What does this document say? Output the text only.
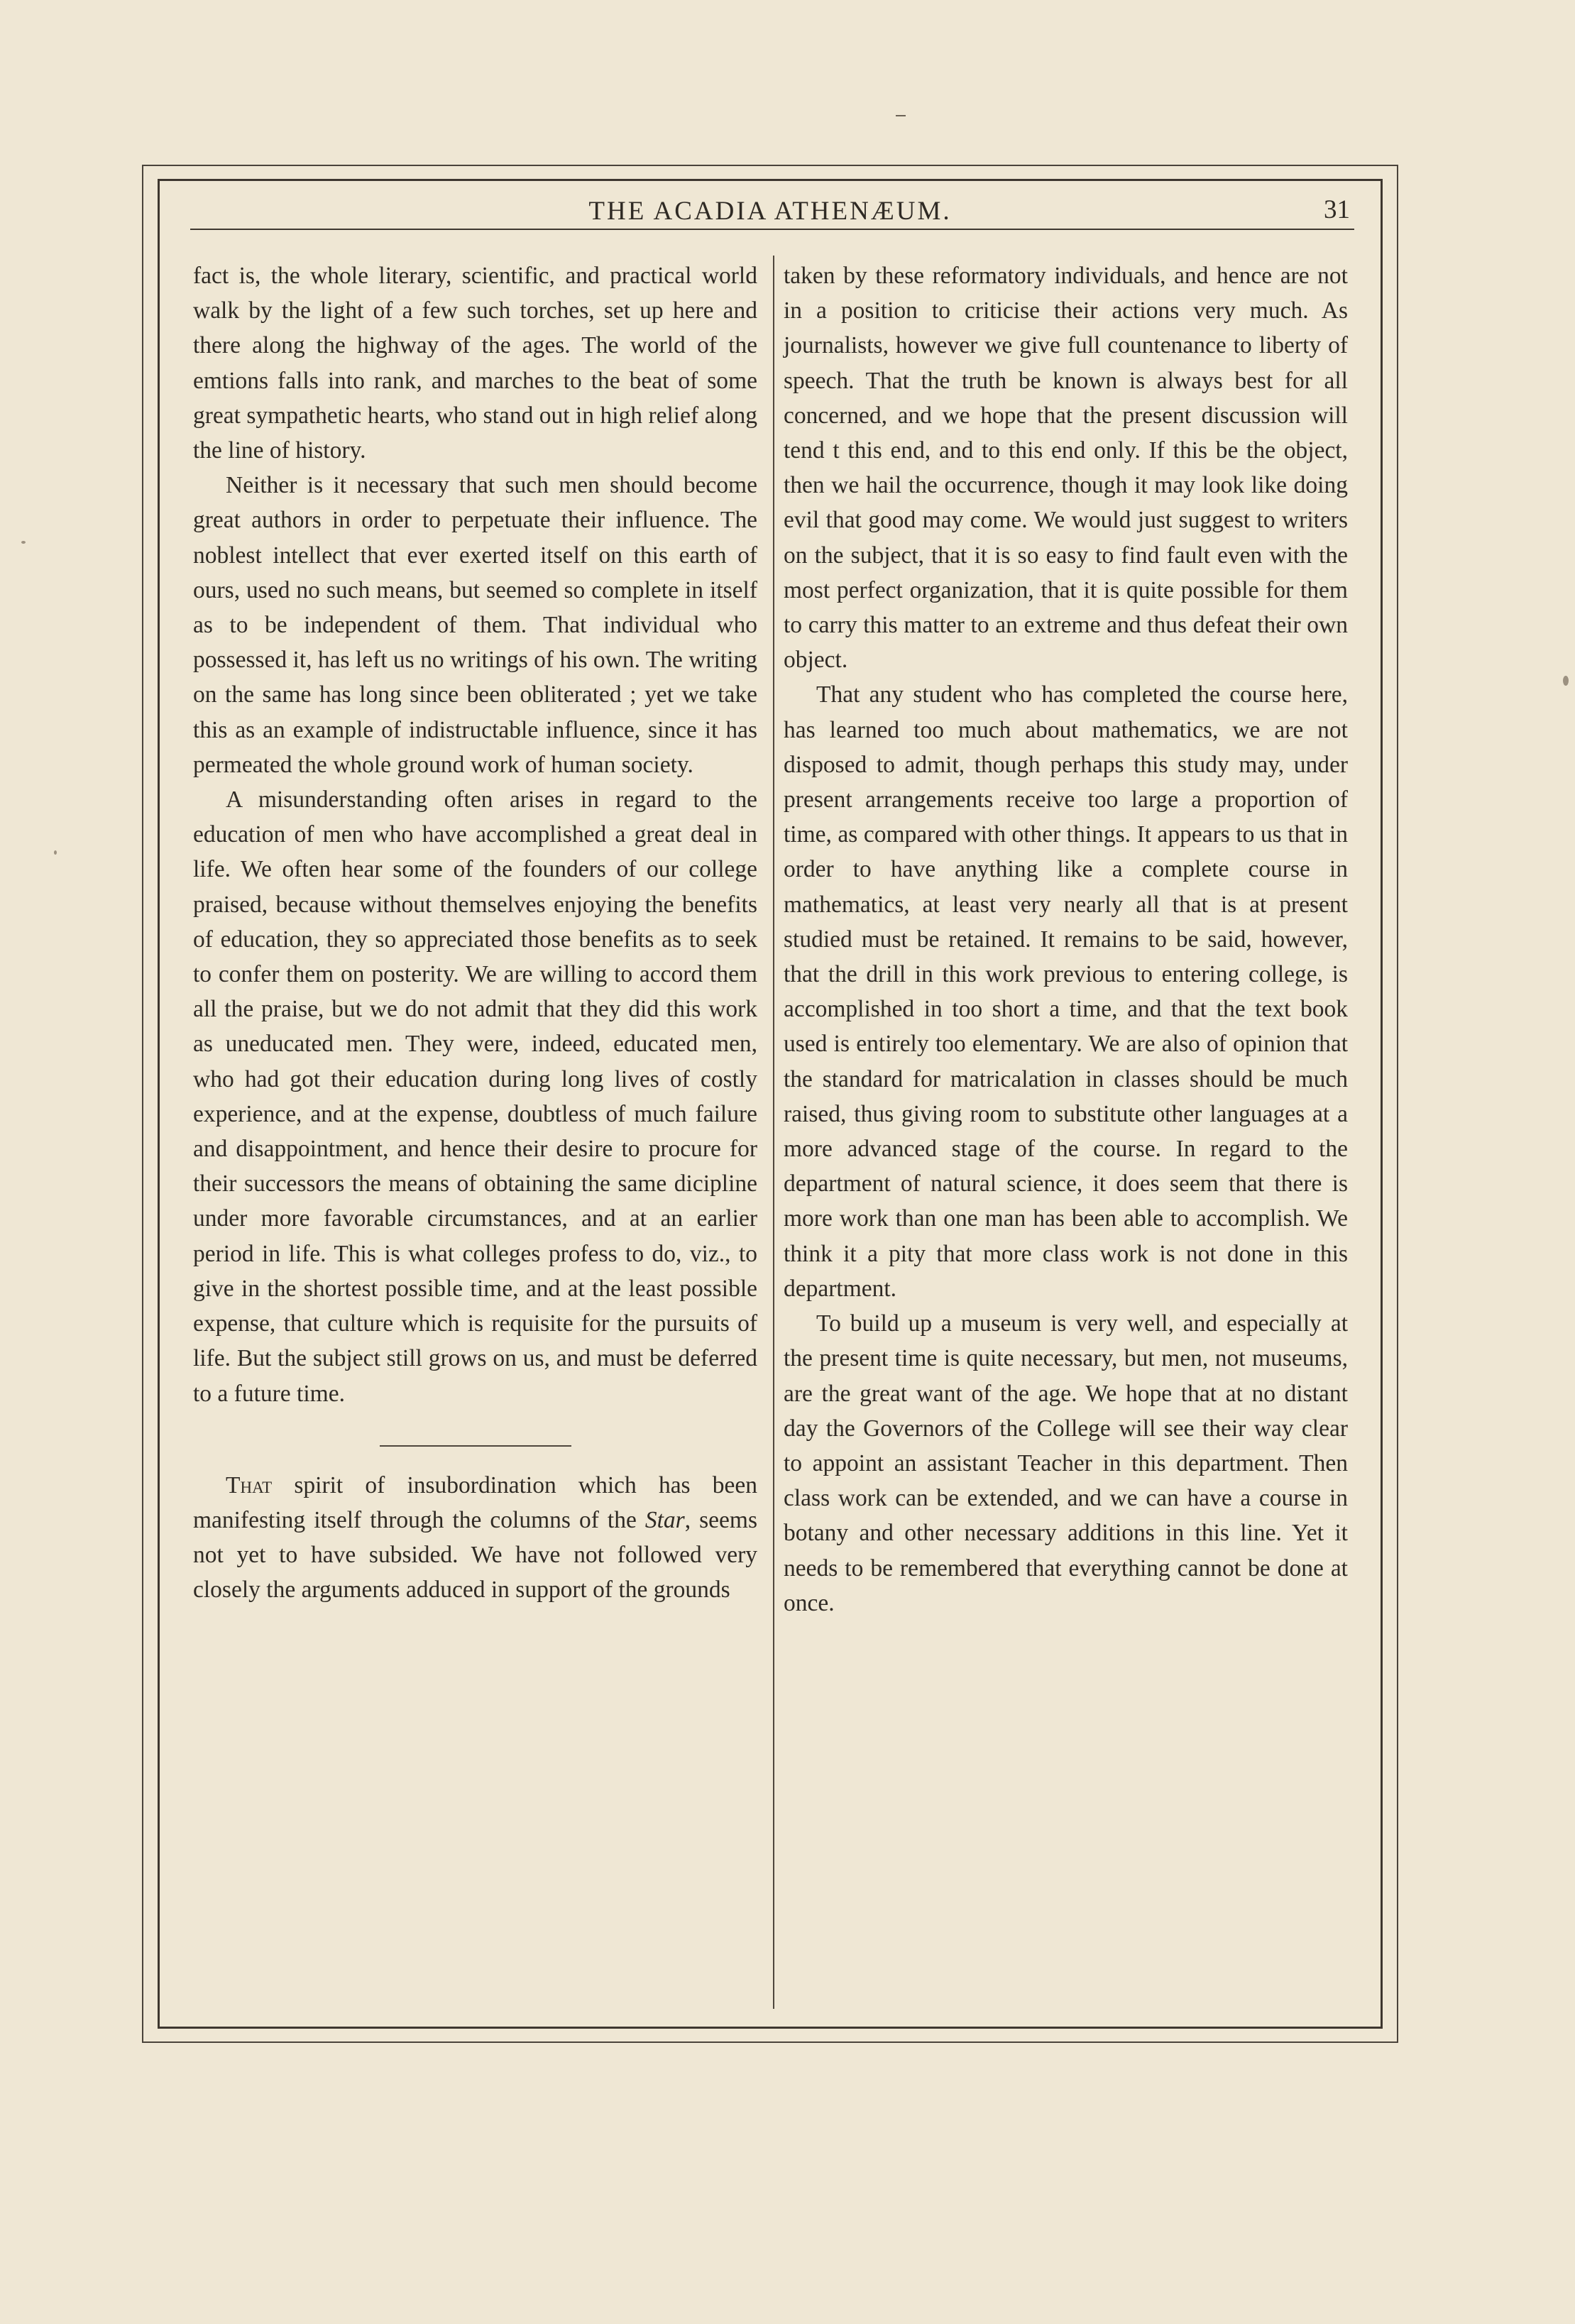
THE ACADIA ATHENÆUM.	31

fact is, the whole literary, scientific, and practical world walk by the light of a few such torches, set up here and there along the highway of the ages. The world of the emtions falls into rank, and marches to the beat of some great sympathetic hearts, who stand out in high relief along the line of history.

Neither is it necessary that such men should become great authors in order to perpetuate their influence. The noblest intellect that ever exerted itself on this earth of ours, used no such means, but seemed so complete in itself as to be independent of them. That individual who possessed it, has left us no writings of his own. The writing on the same has long since been obliterated ; yet we take this as an example of indistructable influence, since it has permeated the whole ground work of human society.

A misunderstanding often arises in regard to the education of men who have accomplished a great deal in life. We often hear some of the founders of our college praised, because without themselves enjoying the benefits of education, they so appreciated those benefits as to seek to confer them on posterity. We are willing to accord them all the praise, but we do not admit that they did this work as uneducated men. They were, indeed, educated men, who had got their education during long lives of costly experience, and at the expense, doubtless of much failure and disappointment, and hence their desire to procure for their successors the means of obtaining the same dicipline under more favorable circumstances, and at an earlier period in life. This is what colleges profess to do, viz., to give in the shortest possible time, and at the least possible expense, that culture which is requisite for the pursuits of life. But the subject still grows on us, and must be deferred to a future time.

That spirit of insubordination which has been manifesting itself through the columns of the Star, seems not yet to have subsided. We have not followed very closely the arguments adduced in support of the grounds

taken by these reformatory individuals, and hence are not in a position to criticise their actions very much. As journalists, however we give full countenance to liberty of speech. That the truth be known is always best for all concerned, and we hope that the present discussion will tend t this end, and to this end only. If this be the object, then we hail the occurrence, though it may look like doing evil that good may come. We would just suggest to writers on the subject, that it is so easy to find fault even with the most perfect organization, that it is quite possible for them to carry this matter to an extreme and thus defeat their own object.

That any student who has completed the course here, has learned too much about mathematics, we are not disposed to admit, though perhaps this study may, under present arrangements receive too large a proportion of time, as compared with other things. It appears to us that in order to have anything like a complete course in mathematics, at least very nearly all that is at present studied must be retained. It remains to be said, however, that the drill in this work previous to entering college, is accomplished in too short a time, and that the text book used is entirely too elementary. We are also of opinion that the standard for matricalation in classes should be much raised, thus giving room to substitute other languages at a more advanced stage of the course. In regard to the department of natural science, it does seem that there is more work than one man has been able to accomplish. We think it a pity that more class work is not done in this department.

To build up a museum is very well, and especially at the present time is quite necessary, but men, not museums, are the great want of the age. We hope that at no distant day the Governors of the College will see their way clear to appoint an assistant Teacher in this department. Then class work can be extended, and we can have a course in botany and other necessary additions in this line. Yet it needs to be remembered that everything cannot be done at once.
